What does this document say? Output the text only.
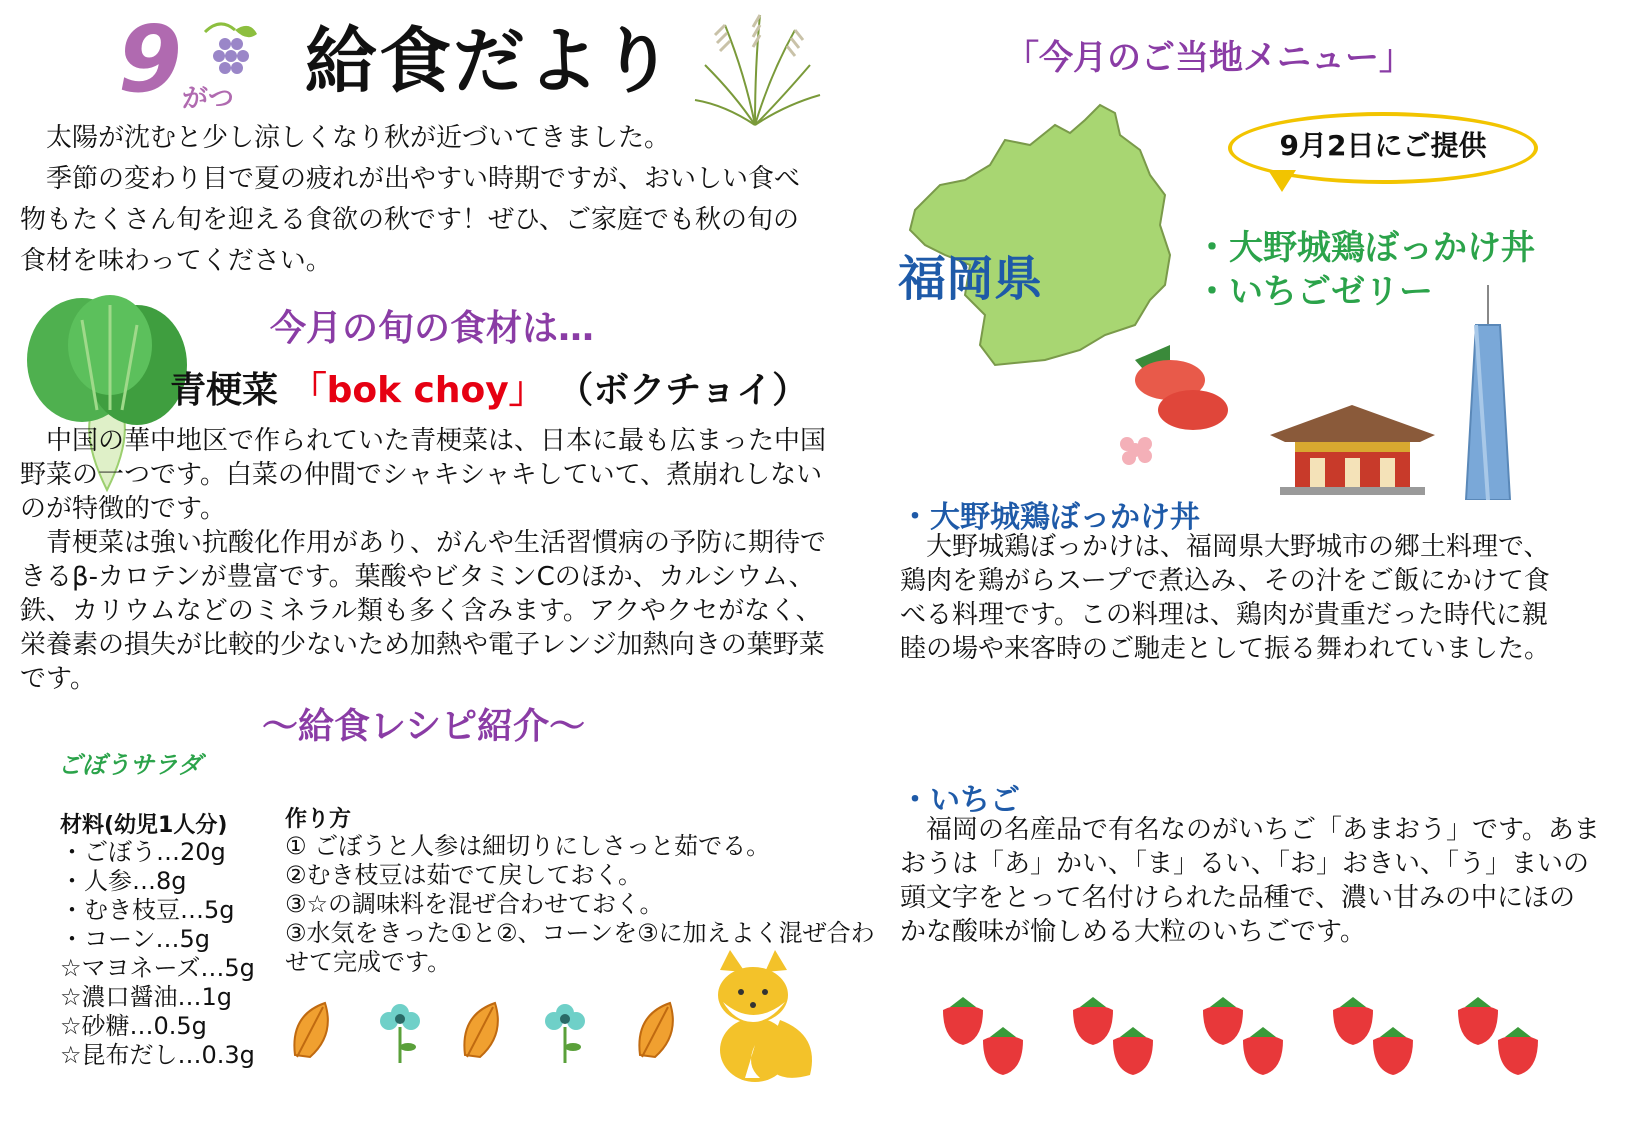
9 がつ 給食だより

太陽が沈むと少し涼しくなり秋が近づいてきました。

季節の変わり目で夏の疲れが出やすい時期ですが、おいしい食べ物もたくさん旬を迎える食欲の秋です！ぜひ、ご家庭でも秋の旬の食材を味わってください。

今月の旬の食材は…
青梗菜 「bok choy」 （ボクチョイ）

中国の華中地区で作られていた青梗菜は、日本に最も広まった中国野菜の一つです。白菜の仲間でシャキシャキしていて、煮崩れしないのが特徴的です。

青梗菜は強い抗酸化作用があり、がんや生活習慣病の予防に期待できるβ-カロテンが豊富です。葉酸やビタミンCのほか、カルシウム、鉄、カリウムなどのミネラル類も多く含みます。アクやクセがなく、栄養素の損失が比較的少ないため加熱や電子レンジ加熱向きの葉野菜です。

～給食レシピ紹介～
ごぼうサラダ
材料(幼児1人分)
・ごぼう…20g
・人参…8g
・むき枝豆…5g
・コーン…5g
☆マヨネーズ…5g
☆濃口醤油…1g
☆砂糖…0.5g
☆昆布だし…0.3g
作り方
① ごぼうと人参は細切りにしさっと茹でる。
②むき枝豆は茹でて戻しておく。
③☆の調味料を混ぜ合わせておく。
③水気をきった①と②、コーンを③に加えよく混ぜ合わせて完成です。
「今月のご当地メニュー」
9月2日にご提供
福岡県
・大野城鶏ぼっかけ丼
・いちごゼリー
・大野城鶏ぼっかけ丼

大野城鶏ぼっかけは、福岡県大野城市の郷土料理で、鶏肉を鶏がらスープで煮込み、その汁をご飯にかけて食べる料理です。この料理は、鶏肉が貴重だった時代に親睦の場や来客時のご馳走として振る舞われていました。

・いちご

福岡の名産品で有名なのがいちご「あまおう」です。あまおうは「あ」かい、「ま」るい、「お」おきい、「う」まいの頭文字をとって名付けられた品種で、濃い甘みの中にほのかな酸味が愉しめる大粒のいちごです。
